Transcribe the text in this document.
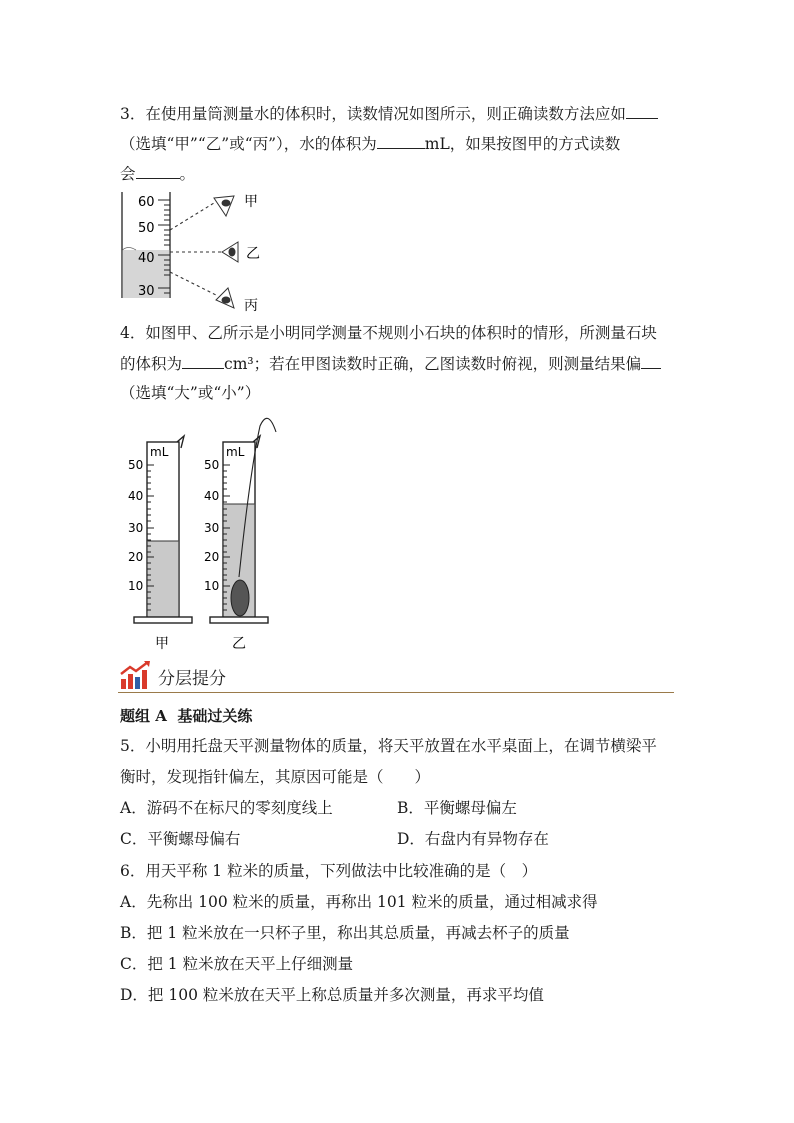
3．在使用量筒测量水的体积时，读数情况如图所示，则正确读数方法应如
（选填“甲”“乙”或“丙”），水的体积为	mL，如果按图甲的方式读数
会	。
60
50
40
30
甲
乙
丙
4．如图甲、乙所示是小明同学测量不规则小石块的体积时的情形，所测量石块
的体积为	cm³；若在甲图读数时正确，乙图读数时俯视，则测量结果偏
（选填“大”或“小”）
mL
50
40
30
20
10
甲
mL
50
40
30
20
10
乙
分层提分
题组 A 基础过关练
5．小明用托盘天平测量物体的质量，将天平放置在水平桌面上，在调节横梁平
衡时，发现指针偏左，其原因可能是（　　）
A．游码不在标尺的零刻度线上	B．平衡螺母偏左
C．平衡螺母偏右	D．右盘内有异物存在
6．用天平称 1 粒米的质量，下列做法中比较准确的是（　）
A．先称出 100 粒米的质量，再称出 101 粒米的质量，通过相减求得
B．把 1 粒米放在一只杯子里，称出其总质量，再减去杯子的质量
C．把 1 粒米放在天平上仔细测量
D．把 100 粒米放在天平上称总质量并多次测量，再求平均值
